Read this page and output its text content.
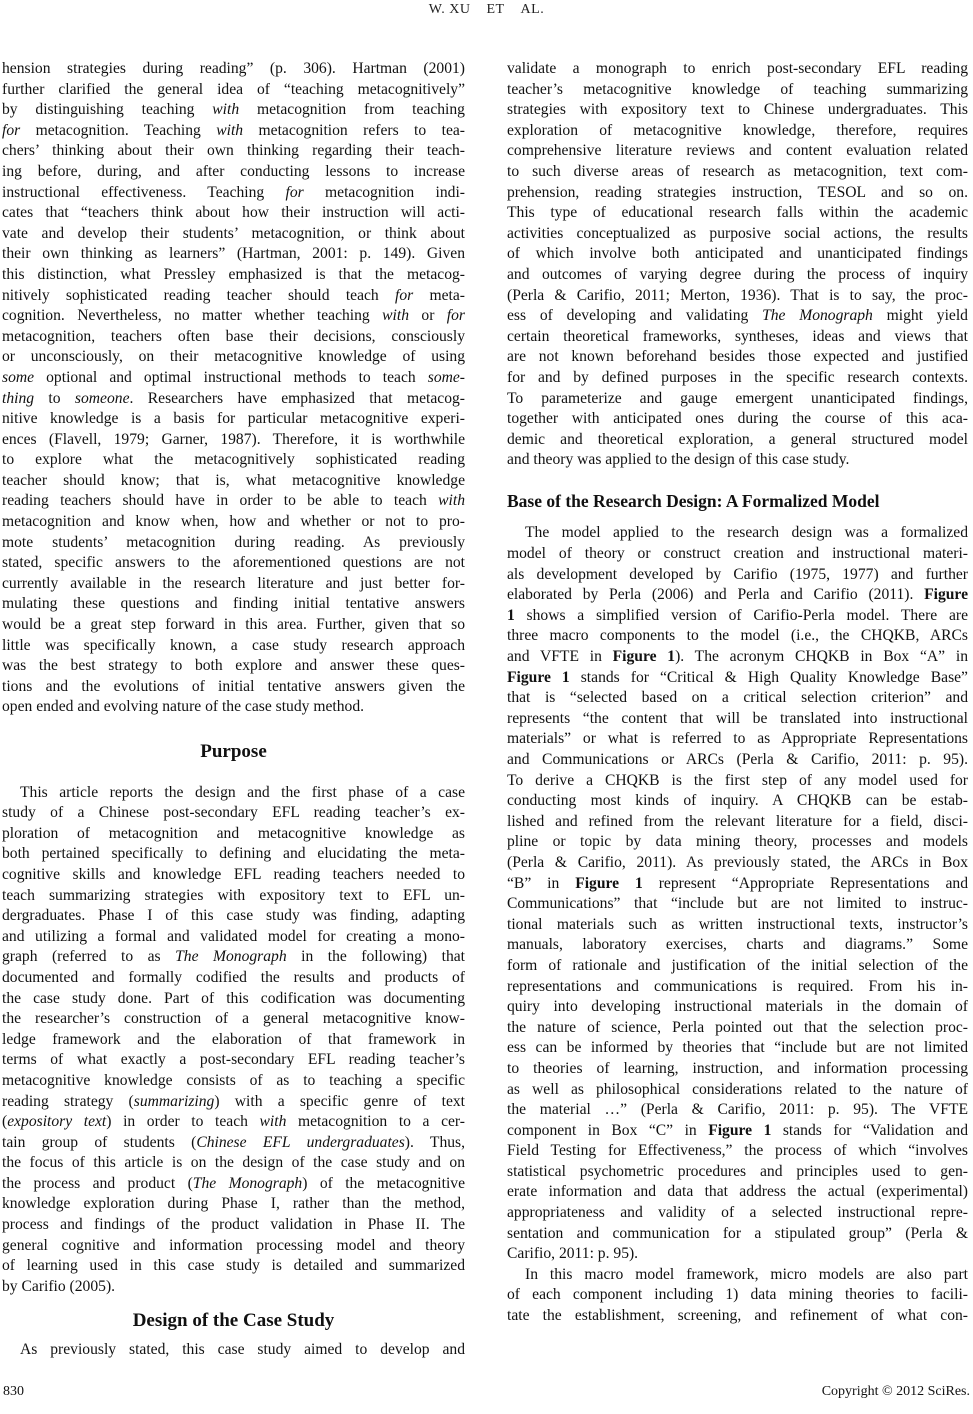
W. XU ET AL.
hension strategies during reading” (p. 306). Hartman (2001)
further clarified the general idea of “teaching metacognitively”
by distinguishing teaching with metacognition from teaching
for metacognition. Teaching with metacognition refers to tea-
chers’ thinking about their own thinking regarding their teach-
ing before, during, and after conducting lessons to increase
instructional effectiveness. Teaching for metacognition indi-
cates that “teachers think about how their instruction will acti-
vate and develop their students’ metacognition, or think about
their own thinking as learners” (Hartman, 2001: p. 149). Given
this distinction, what Pressley emphasized is that the metacog-
nitively sophisticated reading teacher should teach for meta-
cognition. Nevertheless, no matter whether teaching with or for
metacognition, teachers often base their decisions, consciously
or unconsciously, on their metacognitive knowledge of using
some optional and optimal instructional methods to teach some-
thing to someone. Researchers have emphasized that metacog-
nitive knowledge is a basis for particular metacognitive experi-
ences (Flavell, 1979; Garner, 1987). Therefore, it is worthwhile
to explore what the metacognitively sophisticated reading
teacher should know; that is, what metacognitive knowledge
reading teachers should have in order to be able to teach with
metacognition and know when, how and whether or not to pro-
mote students’ metacognition during reading. As previously
stated, specific answers to the aforementioned questions are not
currently available in the research literature and just better for-
mulating these questions and finding initial tentative answers
would be a great step forward in this area. Further, given that so
little was specifically known, a case study research approach
was the best strategy to both explore and answer these ques-
tions and the evolutions of initial tentative answers given the
open ended and evolving nature of the case study method.
Purpose
This article reports the design and the first phase of a case
study of a Chinese post-secondary EFL reading teacher’s ex-
ploration of metacognition and metacognitive knowledge as
both pertained specifically to defining and elucidating the meta-
cognitive skills and knowledge EFL reading teachers needed to
teach summarizing strategies with expository text to EFL un-
dergraduates. Phase I of this case study was finding, adapting
and utilizing a formal and validated model for creating a mono-
graph (referred to as The Monograph in the following) that
documented and formally codified the results and products of
the case study done. Part of this codification was documenting
the researcher’s construction of a general metacognitive know-
ledge framework and the elaboration of that framework in
terms of what exactly a post-secondary EFL reading teacher’s
metacognitive knowledge consists of as to teaching a specific
reading strategy (summarizing) with a specific genre of text
(expository text) in order to teach with metacognition to a cer-
tain group of students (Chinese EFL undergraduates). Thus,
the focus of this article is on the design of the case study and on
the process and product (The Monograph) of the metacognitive
knowledge exploration during Phase I, rather than the method,
process and findings of the product validation in Phase II. The
general cognitive and information processing model and theory
of learning used in this case study is detailed and summarized
by Carifio (2005).
Design of the Case Study
As previously stated, this case study aimed to develop and
validate a monograph to enrich post-secondary EFL reading
teacher’s metacognitive knowledge of teaching summarizing
strategies with expository text to Chinese undergraduates. This
exploration of metacognitive knowledge, therefore, requires
comprehensive literature reviews and content evaluation related
to such diverse areas of research as metacognition, text com-
prehension, reading strategies instruction, TESOL and so on.
This type of educational research falls within the academic
activities conceptualized as purposive social actions, the results
of which involve both anticipated and unanticipated findings
and outcomes of varying degree during the process of inquiry
(Perla & Carifio, 2011; Merton, 1936). That is to say, the proc-
ess of developing and validating The Monograph might yield
certain theoretical frameworks, syntheses, ideas and views that
are not known beforehand besides those expected and justified
for and by defined purposes in the specific research contexts.
To parameterize and gauge emergent unanticipated findings,
together with anticipated ones during the course of this aca-
demic and theoretical exploration, a general structured model
and theory was applied to the design of this case study.
Base of the Research Design: A Formalized Model
The model applied to the research design was a formalized
model of theory or construct creation and instructional materi-
als development developed by Carifio (1975, 1977) and further
elaborated by Perla (2006) and Perla and Carifio (2011). Figure
1 shows a simplified version of Carifio-Perla model. There are
three macro components to the model (i.e., the CHQKB, ARCs
and VFTE in Figure 1). The acronym CHQKB in Box “A” in
Figure 1 stands for “Critical & High Quality Knowledge Base”
that is “selected based on a critical selection criterion” and
represents “the content that will be translated into instructional
materials” or what is referred to as Appropriate Representations
and Communications or ARCs (Perla & Carifio, 2011: p. 95).
To derive a CHQKB is the first step of any model used for
conducting most kinds of inquiry. A CHQKB can be estab-
lished and refined from the relevant literature for a field, disci-
pline or topic by data mining theory, processes and models
(Perla & Carifio, 2011). As previously stated, the ARCs in Box
“B” in Figure 1 represent “Appropriate Representations and
Communications” that “include but are not limited to instruc-
tional materials such as written instructional texts, instructor’s
manuals, laboratory exercises, charts and diagrams.” Some
form of rationale and justification of the initial selection of the
representations and communications is required. From his in-
quiry into developing instructional materials in the domain of
the nature of science, Perla pointed out that the selection proc-
ess can be informed by theories that “include but are not limited
to theories of learning, instruction, and information processing
as well as philosophical considerations related to the nature of
the material …” (Perla & Carifio, 2011: p. 95). The VFTE
component in Box “C” in Figure 1 stands for “Validation and
Field Testing for Effectiveness,” the process of which “involves
statistical psychometric procedures and principles used to gen-
erate information and data that address the actual (experimental)
appropriateness and validity of a selected instructional repre-
sentation and communication for a stipulated group” (Perla &
Carifio, 2011: p. 95).
In this macro model framework, micro models are also part
of each component including 1) data mining theories to facili-
tate the establishment, screening, and refinement of what con-
830	Copyright © 2012 SciRes.
